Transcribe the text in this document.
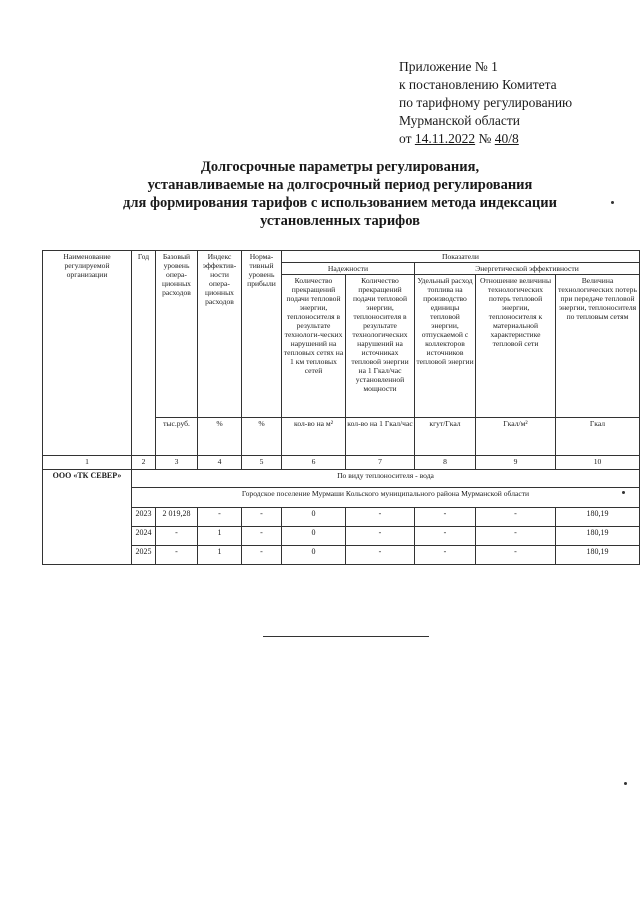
Приложение № 1
к постановлению Комитета
по тарифному регулированию
Мурманской области
от 14.11.2022 № 40/8
Долгосрочные параметры регулирования,
устанавливаемые на долгосрочный период регулирования
для формирования тарифов с использованием метода индексации
установленных тарифов
Наименование регулируемой организации	Год	Базовый уровень опера-ционных расходов	Индекс эффектив-ности опера-ционных расходов	Норма-тивный уровень прибыли	Показатели				
					Надежности		Энергетической эффективности		
					Количество прекращений подачи тепловой энергии, теплоносителя в результате технологи-ческих нарушений на тепловых сетях на 1 км тепловых сетей	Количество прекращений подачи тепловой энергии, теплоносителя в результате технологических нарушений на источниках тепловой энергии на 1 Гкал/час установленной мощности	Удельный расход топлива на производство единицы тепловой энергии, отпускаемой с коллекторов источников тепловой энергии	Отношение величины технологических потерь тепловой энергии, теплоносителя к материальной характеристике тепловой сети	Величина технологических потерь при передаче тепловой энергии, теплоносителя по тепловым сетям
		тыс.руб.	%	%	кол-во на м²	кол-во на 1 Гкал/час	кгут/Гкал	Гкал/м²	Гкал
1	2	3	4	5	6	7	8	9	10
ООО «ТК СЕВЕР»	По виду теплоносителя - вода								
	Городское поселение Мурмаши Кольского муниципального района Мурманской области								
	2023	2 019,28	-	-	0	-	-	-	180,19
	2024	-	1	-	0	-	-	-	180,19
	2025	-	1	-	0	-	-	-	180,19
